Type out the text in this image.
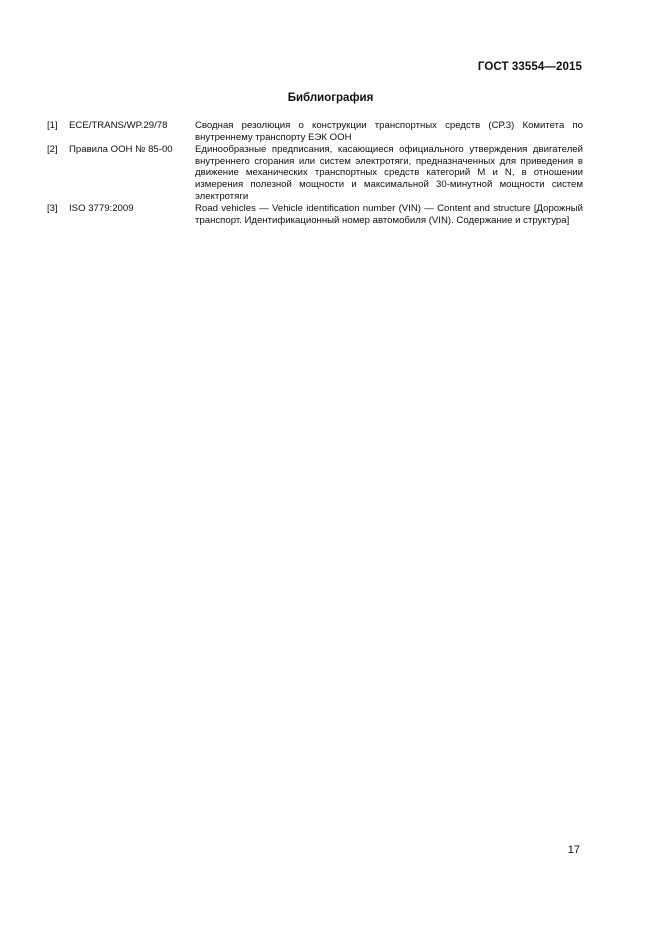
ГОСТ 33554—2015
Библиография
[1]	ECE/TRANS/WP.29/78	Сводная резолюция о конструкции транспортных средств (СР.3) Комитета по внутреннему транспорту ЕЭК ООН
[2]	Правила ООН № 85-00	Единообразные предписания, касающиеся официального утверждения двигателей внутреннего сгорания или систем электротяги, предназначенных для приведения в движение механических транспортных средств категорий M и N, в отношении измерения полезной мощности и максимальной 30-минутной мощности систем электротяги
[3]	ISO 3779:2009	Road vehicles — Vehicle identification number (VIN) — Content and structure [Дорожный транспорт. Идентификационный номер автомобиля (VIN). Содержание и структура]
17
